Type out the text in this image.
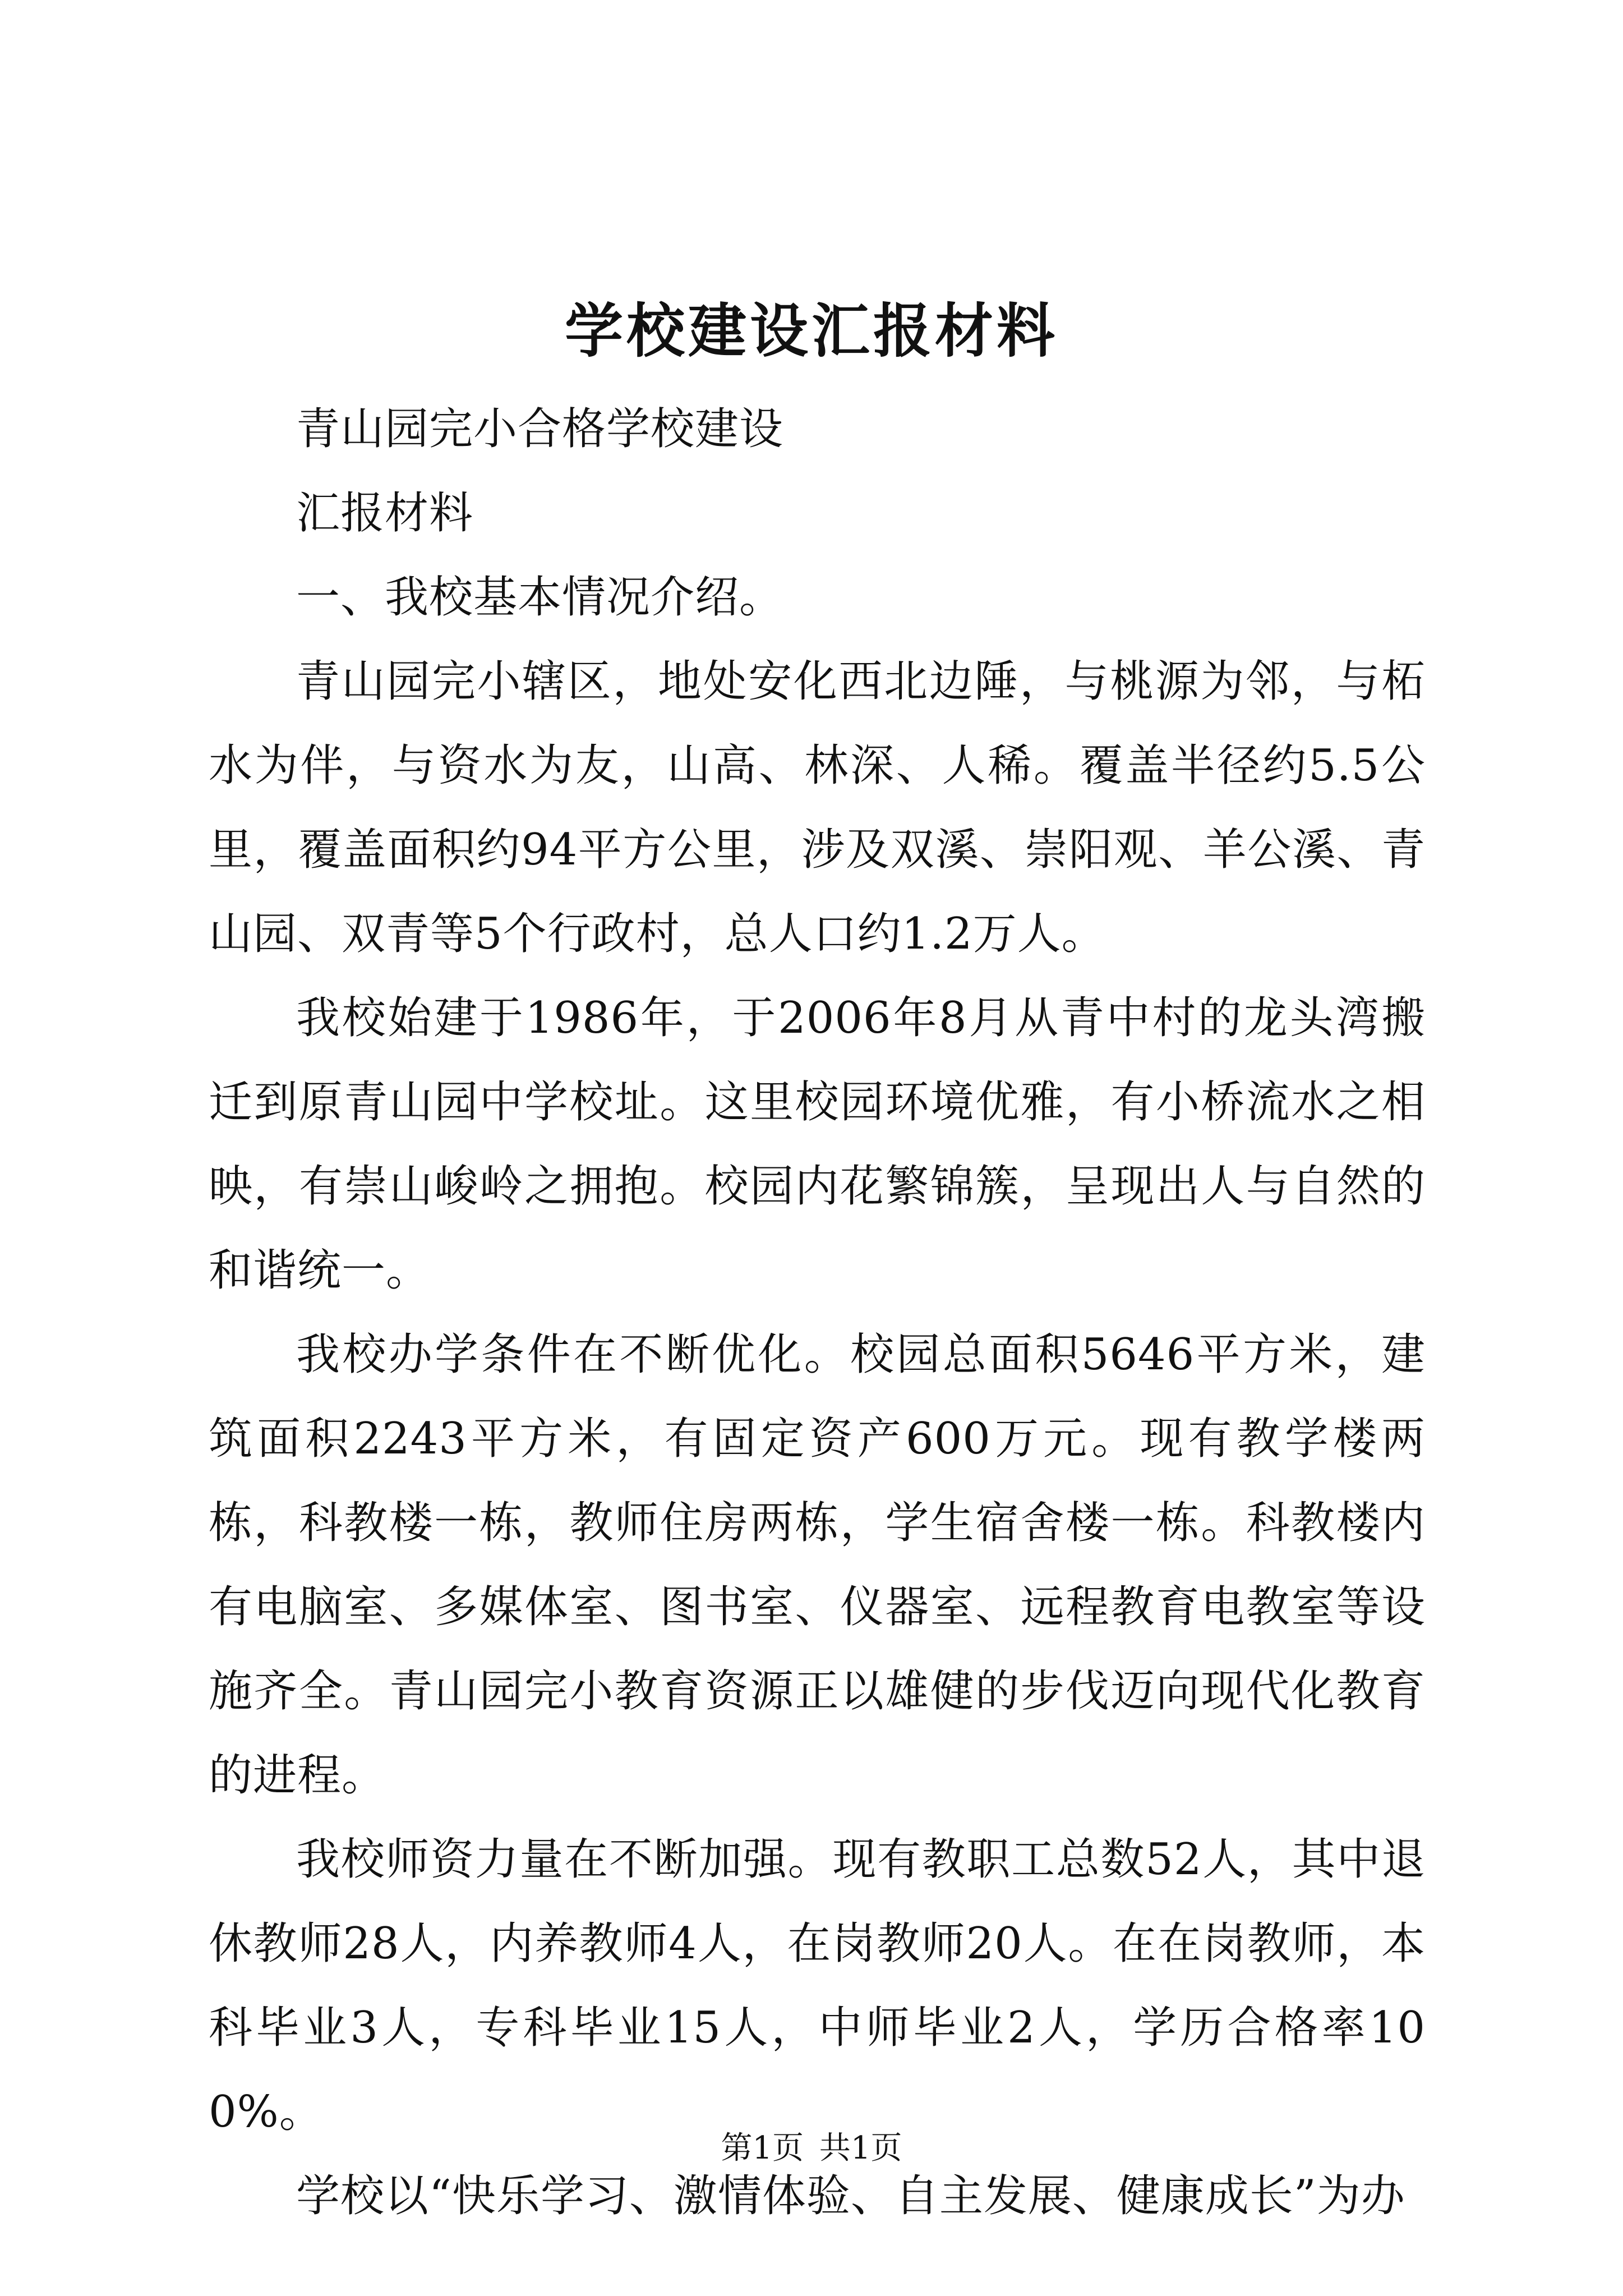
学校建设汇报材料

青山园完小合格学校建设

汇报材料

一、我校基本情况介绍。

青山园完小辖区，地处安化西北边陲，与桃源为邻，与柘水为伴，与资水为友，山高、林深、人稀。覆盖半径约5.5公里，覆盖面积约94平方公里，涉及双溪、崇阳观、羊公溪、青山园、双青等5个行政村，总人口约1.2万人。

我校始建于1986年，于2006年8月从青中村的龙头湾搬迁到原青山园中学校址。这里校园环境优雅，有小桥流水之相映，有崇山峻岭之拥抱。校园内花繁锦簇，呈现出人与自然的和谐统一。

我校办学条件在不断优化。校园总面积5646平方米，建筑面积2243平方米，有固定资产600万元。现有教学楼两栋，科教楼一栋，教师住房两栋，学生宿舍楼一栋。科教楼内有电脑室、多媒体室、图书室、仪器室、远程教育电教室等设施齐全。青山园完小教育资源正以雄健的步伐迈向现代化教育的进程。

我校师资力量在不断加强。现有教职工总数52人，其中退休教师28人，内养教师4人，在岗教师20人。在在岗教师，本科毕业3人，专科毕业15人，中师毕业2人，学历合格率100%。

学校以“快乐学习、激情体验、自主发展、健康成长”为办

第1页 共1页
